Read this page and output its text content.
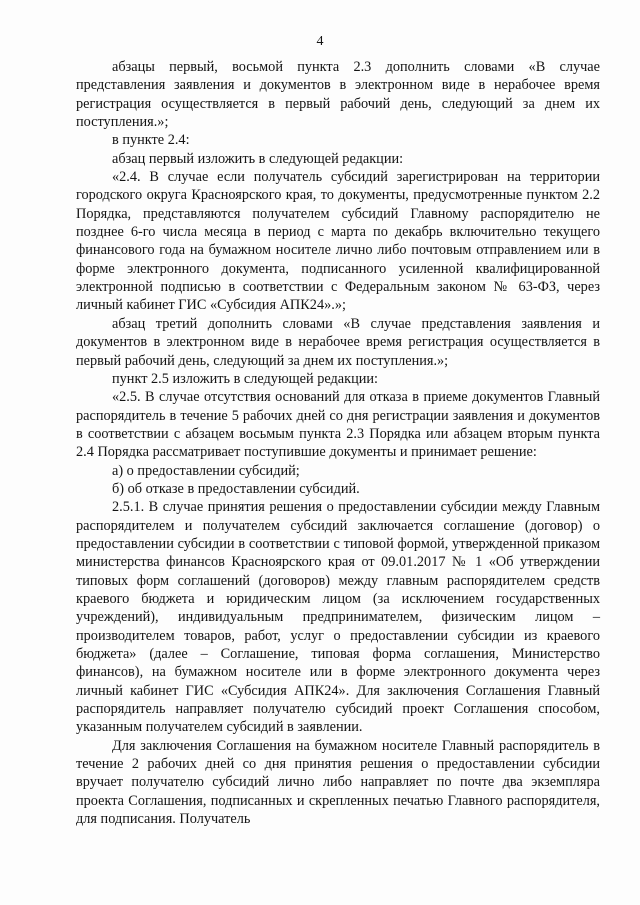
4

абзацы первый, восьмой пункта 2.3 дополнить словами «В случае представления заявления и документов в электронном виде в нерабочее время регистрация осуществляется в первый рабочий день, следующий за днем их поступления.»;

в пункте 2.4:

абзац первый изложить в следующей редакции:

«2.4. В случае если получатель субсидий зарегистрирован на территории городского округа Красноярского края, то документы, предусмотренные пунктом 2.2 Порядка, представляются получателем субсидий Главному распорядителю не позднее 6-го числа месяца в период с марта по декабрь включительно текущего финансового года на бумажном носителе лично либо почтовым отправлением или в форме электронного документа, подписанного усиленной квалифицированной электронной подписью в соответствии с Федеральным законом № 63-ФЗ, через личный кабинет ГИС «Субсидия АПК24».»;

абзац третий дополнить словами «В случае представления заявления и документов в электронном виде в нерабочее время регистрация осуществляется в первый рабочий день, следующий за днем их поступления.»;

пункт 2.5 изложить в следующей редакции:

«2.5. В случае отсутствия оснований для отказа в приеме документов Главный распорядитель в течение 5 рабочих дней со дня регистрации заявления и документов в соответствии с абзацем восьмым пункта 2.3 Порядка или абзацем вторым пункта 2.4 Порядка рассматривает поступившие документы и принимает решение:

а) о предоставлении субсидий;

б) об отказе в предоставлении субсидий.

2.5.1. В случае принятия решения о предоставлении субсидии между Главным распорядителем и получателем субсидий заключается соглашение (договор) о предоставлении субсидии в соответствии с типовой формой, утвержденной приказом министерства финансов Красноярского края от 09.01.2017 № 1 «Об утверждении типовых форм соглашений (договоров) между главным распорядителем средств краевого бюджета и юридическим лицом (за исключением государственных учреждений), индивидуальным предпринимателем, физическим лицом – производителем товаров, работ, услуг о предоставлении субсидии из краевого бюджета» (далее – Соглашение, типовая форма соглашения, Министерство финансов), на бумажном носителе или в форме электронного документа через личный кабинет ГИС «Субсидия АПК24». Для заключения Соглашения Главный распорядитель направляет получателю субсидий проект Соглашения способом, указанным получателем субсидий в заявлении.

Для заключения Соглашения на бумажном носителе Главный распорядитель в течение 2 рабочих дней со дня принятия решения о предоставлении субсидии вручает получателю субсидий лично либо направляет по почте два экземпляра проекта Соглашения, подписанных и скрепленных печатью Главного распорядителя, для подписания. Получатель
